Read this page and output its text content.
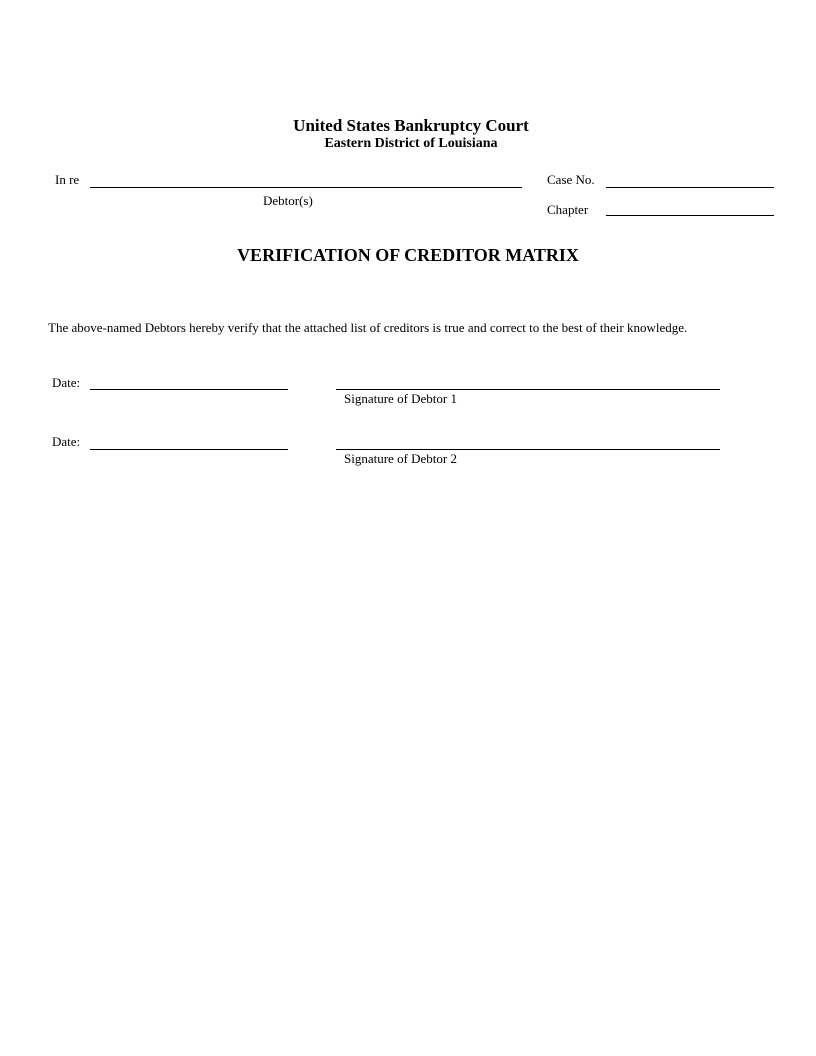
United States Bankruptcy Court
Eastern District of Louisiana
In re
Debtor(s)
Case No.
Chapter
VERIFICATION OF CREDITOR MATRIX
The above-named Debtors hereby verify that the attached list of creditors is true and correct to the best of their knowledge.
Date:
Signature of Debtor 1
Date:
Signature of Debtor 2
